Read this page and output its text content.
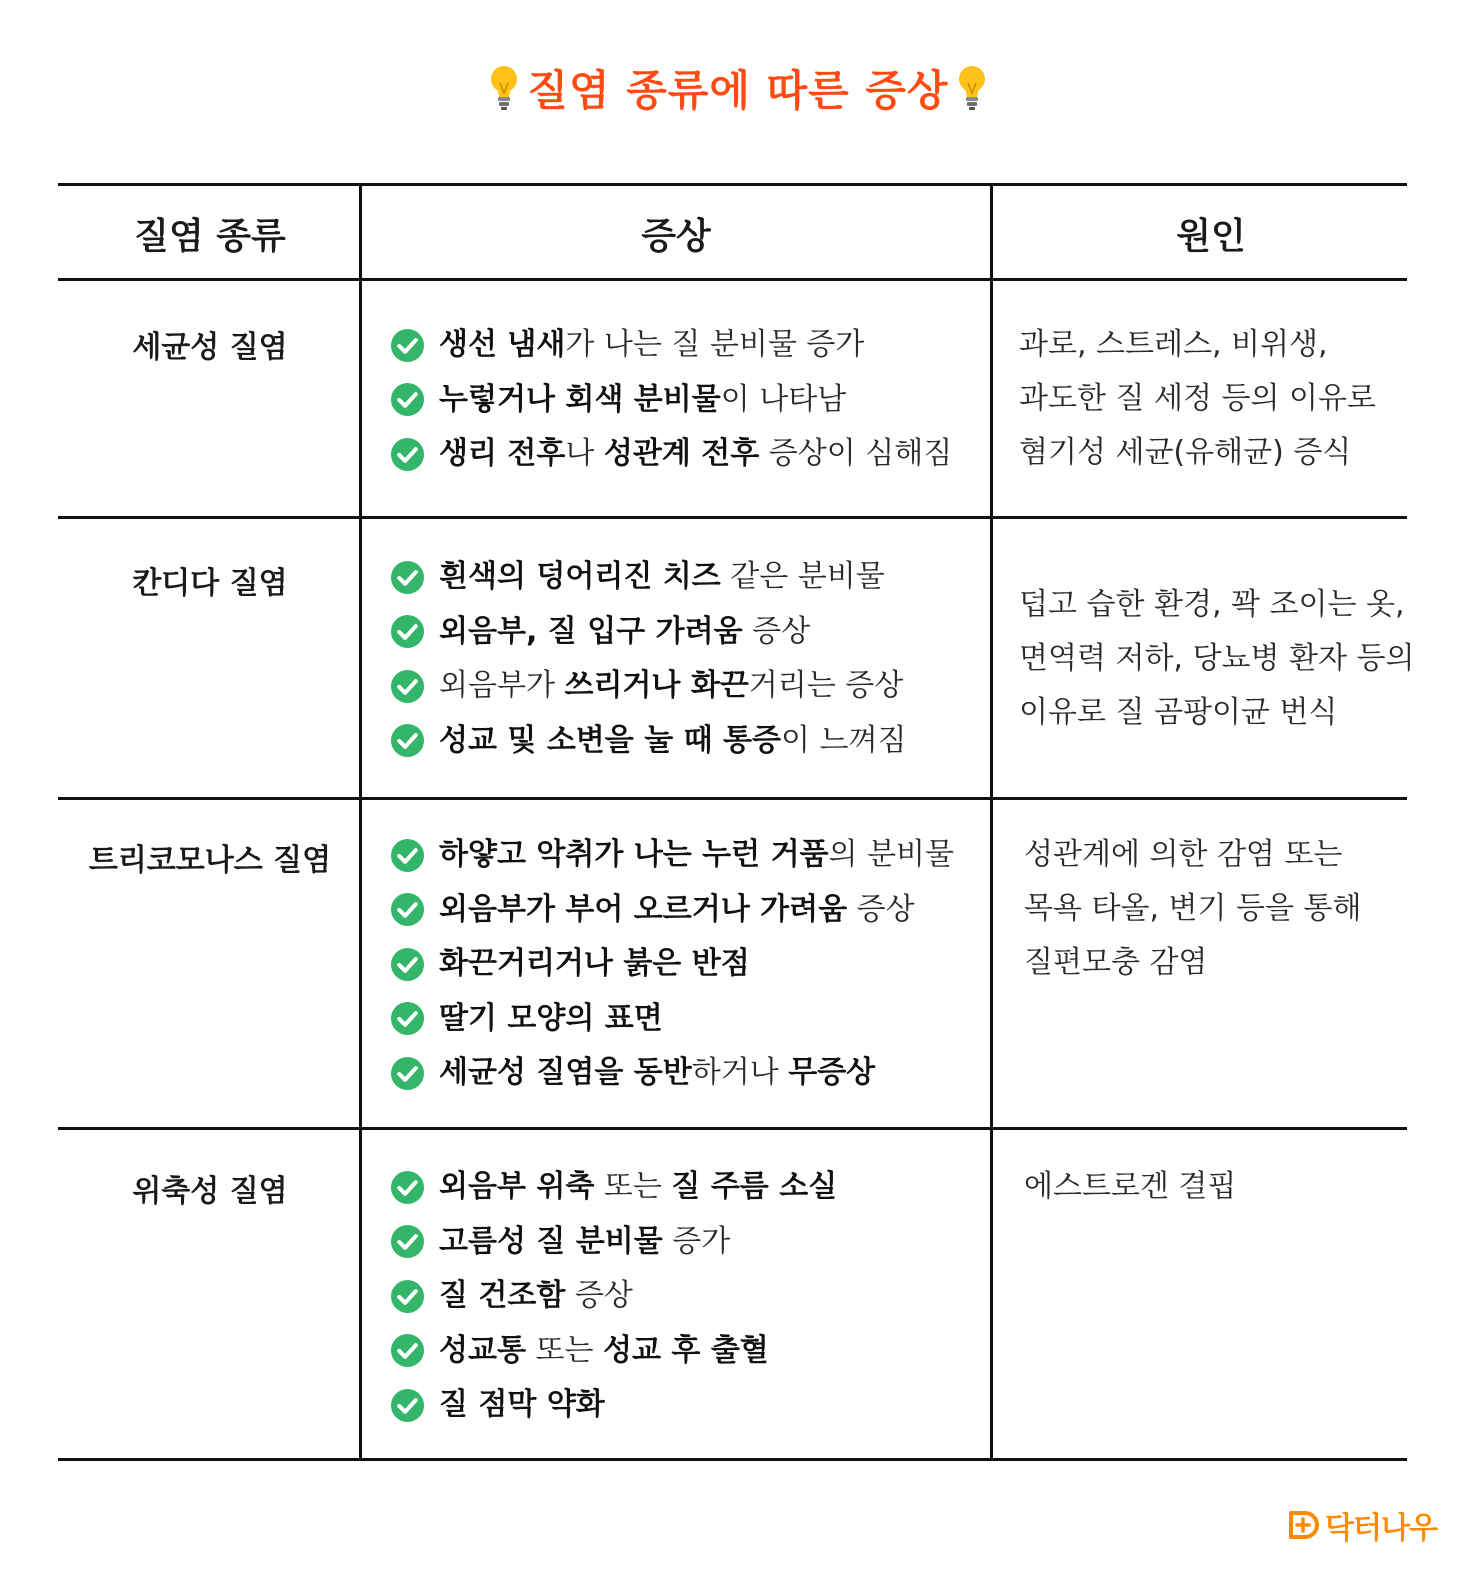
질염 종류에 따른 증상
질염 종류	증상	원인
세균성 질염
칸디다 질염
트리코모나스 질염
위축성 질염
생선 냄새가 나는 질 분비물 증가
누렇거나 회색 분비물이 나타남
생리 전후나 성관계 전후 증상이 심해짐
흰색의 덩어리진 치즈 같은 분비물
외음부, 질 입구 가려움 증상
외음부가 쓰리거나 화끈거리는 증상
성교 및 소변을 눌 때 통증이 느껴짐
하얗고 악취가 나는 누런 거품의 분비물
외음부가 부어 오르거나 가려움 증상
화끈거리거나 붉은 반점
딸기 모양의 표면
세균성 질염을 동반하거나 무증상
외음부 위축 또는 질 주름 소실
고름성 질 분비물 증가
질 건조함 증상
성교통 또는 성교 후 출혈
질 점막 약화
과로, 스트레스, 비위생,
과도한 질 세정 등의 이유로
혐기성 세균(유해균) 증식
덥고 습한 환경, 꽉 조이는 옷,
면역력 저하, 당뇨병 환자 등의
이유로 질 곰팡이균 번식
성관계에 의한 감염 또는
목욕 타올, 변기 등을 통해
질편모충 감염
에스트로겐 결핍
닥터나우
